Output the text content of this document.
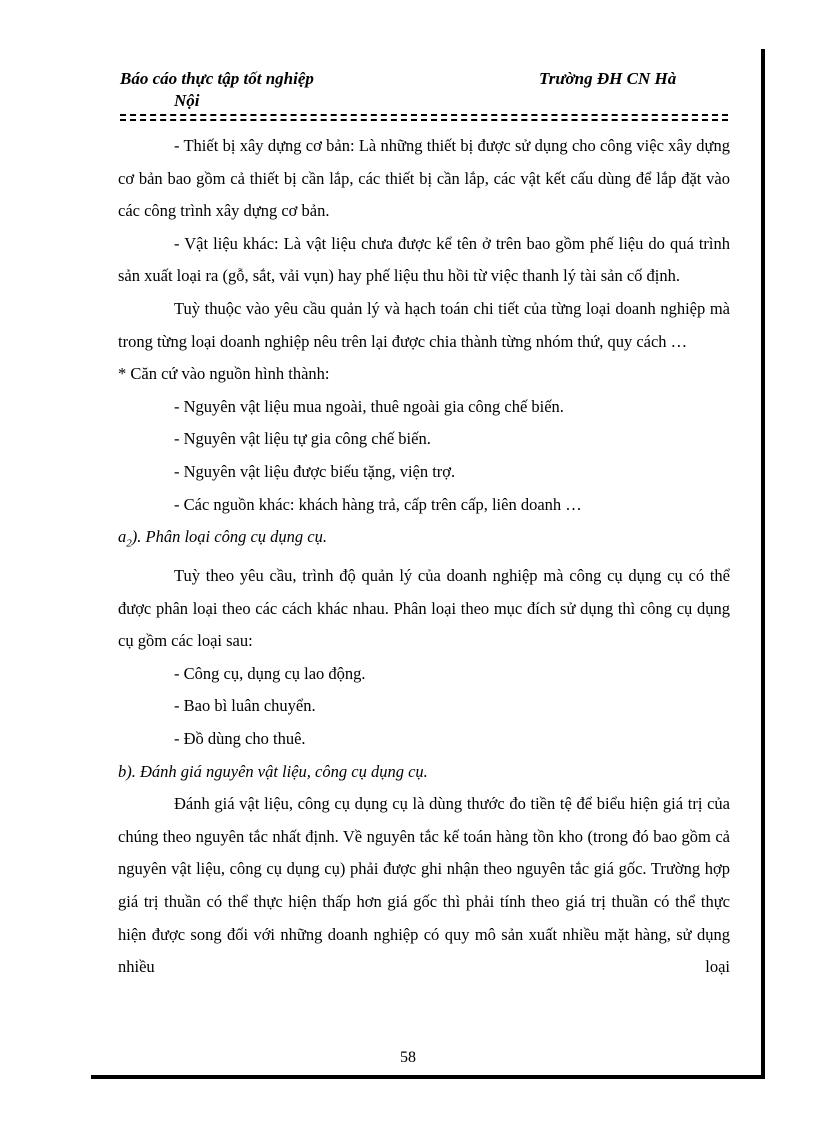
Báo cáo thực tập tốt nghiệp	Trường ĐH CN Hà
Nội

- Thiết bị xây dựng cơ bản: Là những thiết bị được sử dụng cho công việc xây dựng cơ bản bao gồm cả thiết bị cần lắp, các thiết bị cần lắp, các vật kết cấu dùng để lắp đặt vào các công trình xây dựng cơ bản.

- Vật liệu khác: Là vật liệu chưa được kể tên ở trên bao gồm phế liệu do quá trình sản xuất loại ra (gỗ, sắt, vải vụn) hay phế liệu thu hồi từ việc thanh lý tài sản cố định.

Tuỳ thuộc vào yêu cầu quản lý và hạch toán chi tiết của từng loại doanh nghiệp mà trong từng loại doanh nghiệp nêu trên lại được chia thành từng nhóm thứ, quy cách …

* Căn cứ vào nguồn hình thành:

- Nguyên vật liệu mua ngoài, thuê ngoài gia công chế biến.

- Nguyên vật liệu tự gia công chế biến.

- Nguyên vật liệu được biếu tặng, viện trợ.

- Các nguồn khác: khách hàng trả, cấp trên cấp, liên doanh …

$a_2$). Phân loại công cụ dụng cụ.

Tuỳ theo yêu cầu, trình độ quản lý của doanh nghiệp mà công cụ dụng cụ có thể được phân loại theo các cách khác nhau. Phân loại theo mục đích sử dụng thì công cụ dụng cụ gồm các loại sau:

- Công cụ, dụng cụ lao động.

- Bao bì luân chuyển.

- Đồ dùng cho thuê.

b). Đánh giá nguyên vật liệu, công cụ dụng cụ.

Đánh giá vật liệu, công cụ dụng cụ là dùng thước đo tiền tệ để biểu hiện giá trị của chúng theo nguyên tắc nhất định. Về nguyên tắc kế toán hàng tồn kho (trong đó bao gồm cả nguyên vật liệu, công cụ dụng cụ) phải được ghi nhận theo nguyên tắc giá gốc. Trường hợp giá trị thuần có thể thực hiện thấp hơn giá gốc thì phải tính theo giá trị thuần có thể thực hiện được song đối với những doanh nghiệp có quy mô sản xuất nhiều mặt hàng, sử dụng nhiều loại

58
